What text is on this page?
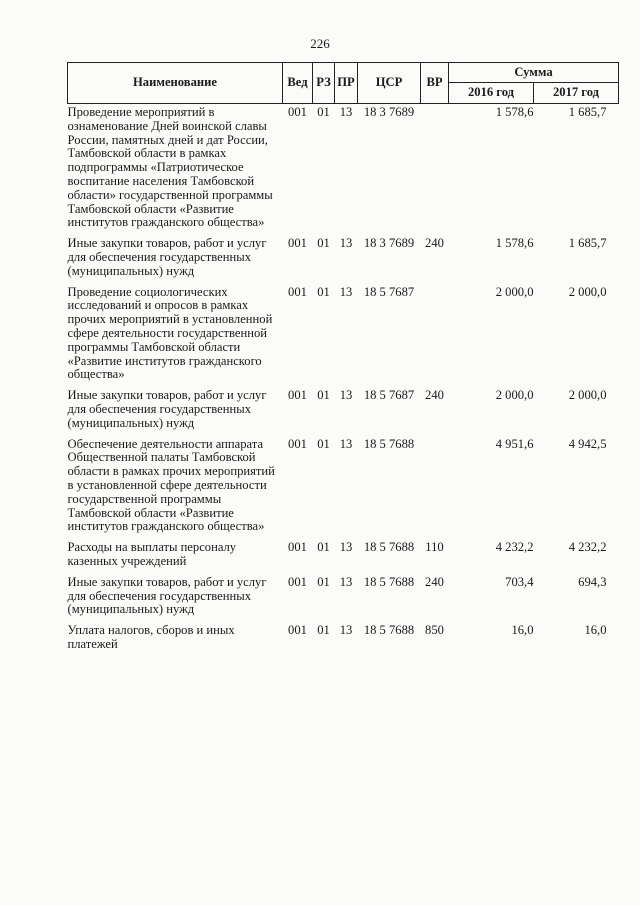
226
Наименование	Вед	РЗ	ПР	ЦСР	ВР	Сумма	
						2016 год	2017 год
Проведение мероприятий в ознаменование Дней воинской славы России, памятных дней и дат России, Тамбовской области в рамках подпрограммы «Патриотическое воспитание населения Тамбовской области» государственной программы Тамбовской области «Развитие институтов гражданского общества»	001	01	13	18 3 7689		1 578,6	1 685,7
Иные закупки товаров, работ и услуг для обеспечения государственных (муниципальных) нужд	001	01	13	18 3 7689	240	1 578,6	1 685,7
Проведение социологических исследований и опросов в рамках прочих мероприятий в установленной сфере деятельности государственной программы Тамбовской области «Развитие институтов гражданского общества»	001	01	13	18 5 7687		2 000,0	2 000,0
Иные закупки товаров, работ и услуг для обеспечения государственных (муниципальных) нужд	001	01	13	18 5 7687	240	2 000,0	2 000,0
Обеспечение деятельности аппарата Общественной палаты Тамбовской области в рамках прочих мероприятий в установленной сфере деятельности государственной программы Тамбовской области «Развитие институтов гражданского общества»	001	01	13	18 5 7688		4 951,6	4 942,5
Расходы на выплаты персоналу казенных учреждений	001	01	13	18 5 7688	110	4 232,2	4 232,2
Иные закупки товаров, работ и услуг для обеспечения государственных (муниципальных) нужд	001	01	13	18 5 7688	240	703,4	694,3
Уплата налогов, сборов и иных платежей	001	01	13	18 5 7688	850	16,0	16,0
